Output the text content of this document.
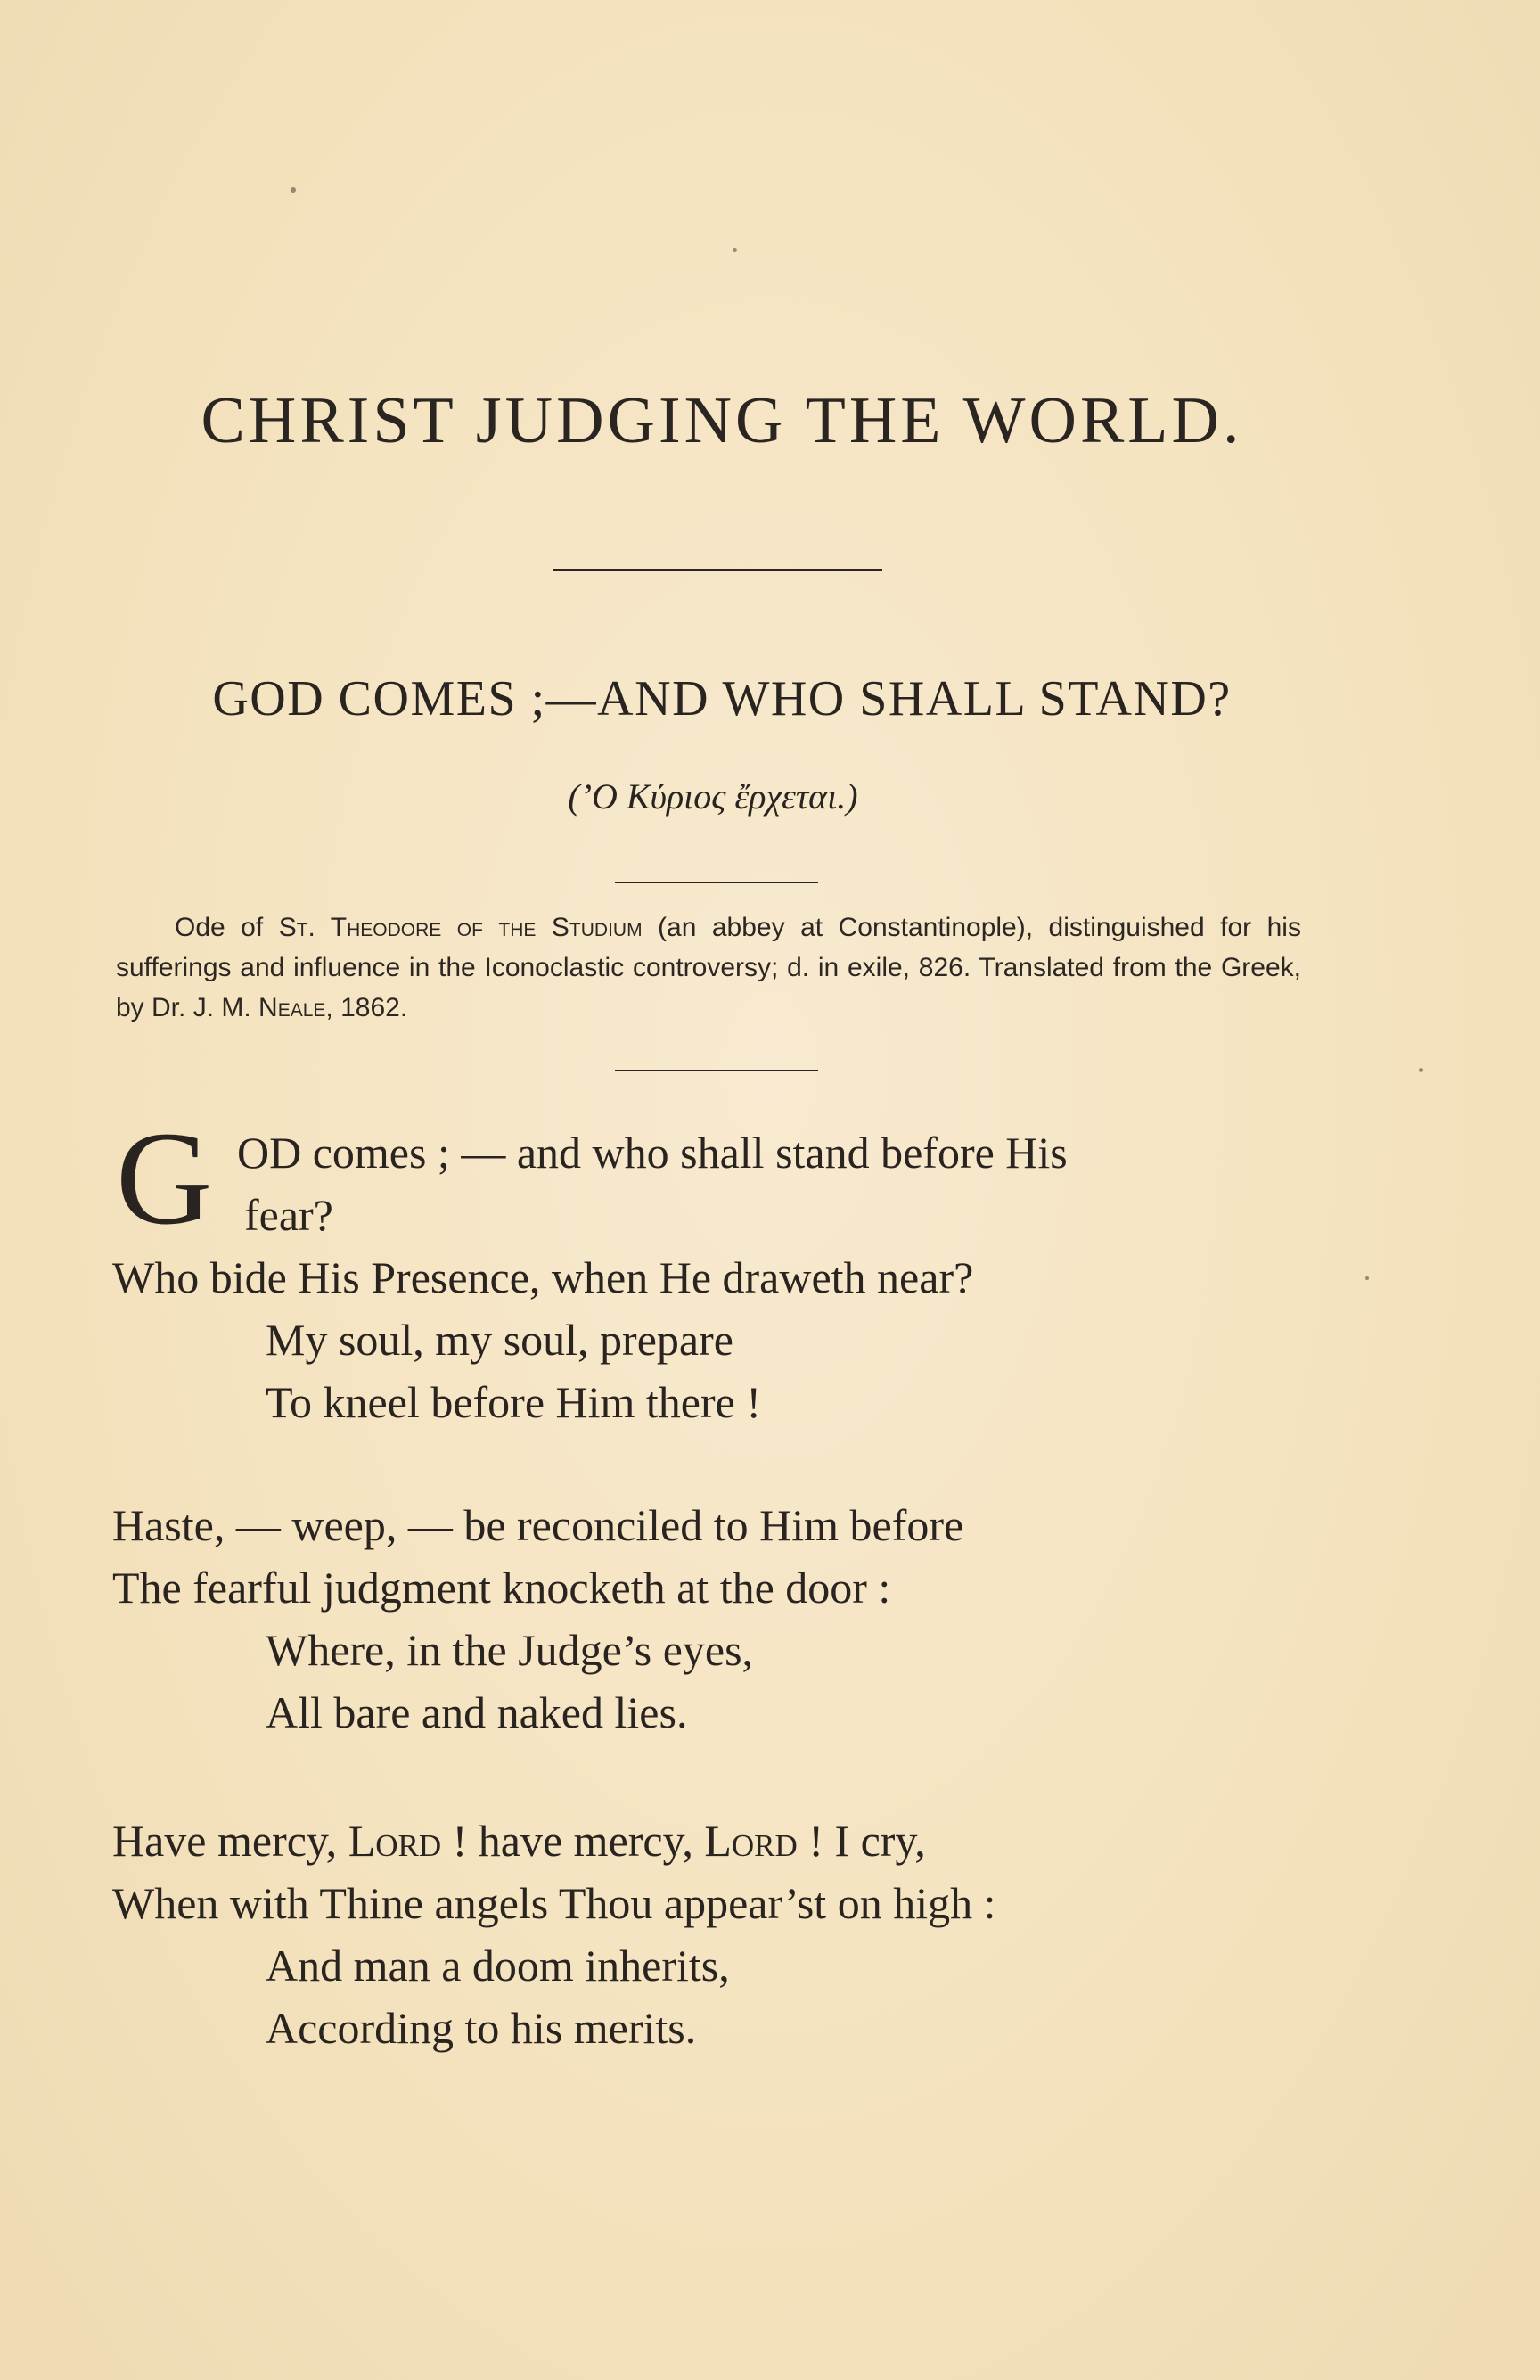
CHRIST JUDGING THE WORLD.
GOD COMES ;—AND WHO SHALL STAND?
(’Ο Κύριος ἔρχεται.)

Ode of St. Theodore of the Studium (an abbey at Constantinople), distinguished for his sufferings and influence in the Iconoclastic controversy; d. in exile, 826. Translated from the Greek, by Dr. J. M. Neale, 1862.

G OD comes ; — and who shall stand before His
fear?
Who bide His Presence, when He draweth near?
My soul, my soul, prepare
To kneel before Him there !
Haste, — weep, — be reconciled to Him before
The fearful judgment knocketh at the door :
Where, in the Judge’s eyes,
All bare and naked lies.
Have mercy, Lord ! have mercy, Lord ! I cry,
When with Thine angels Thou appear’st on high :
And man a doom inherits,
According to his merits.
